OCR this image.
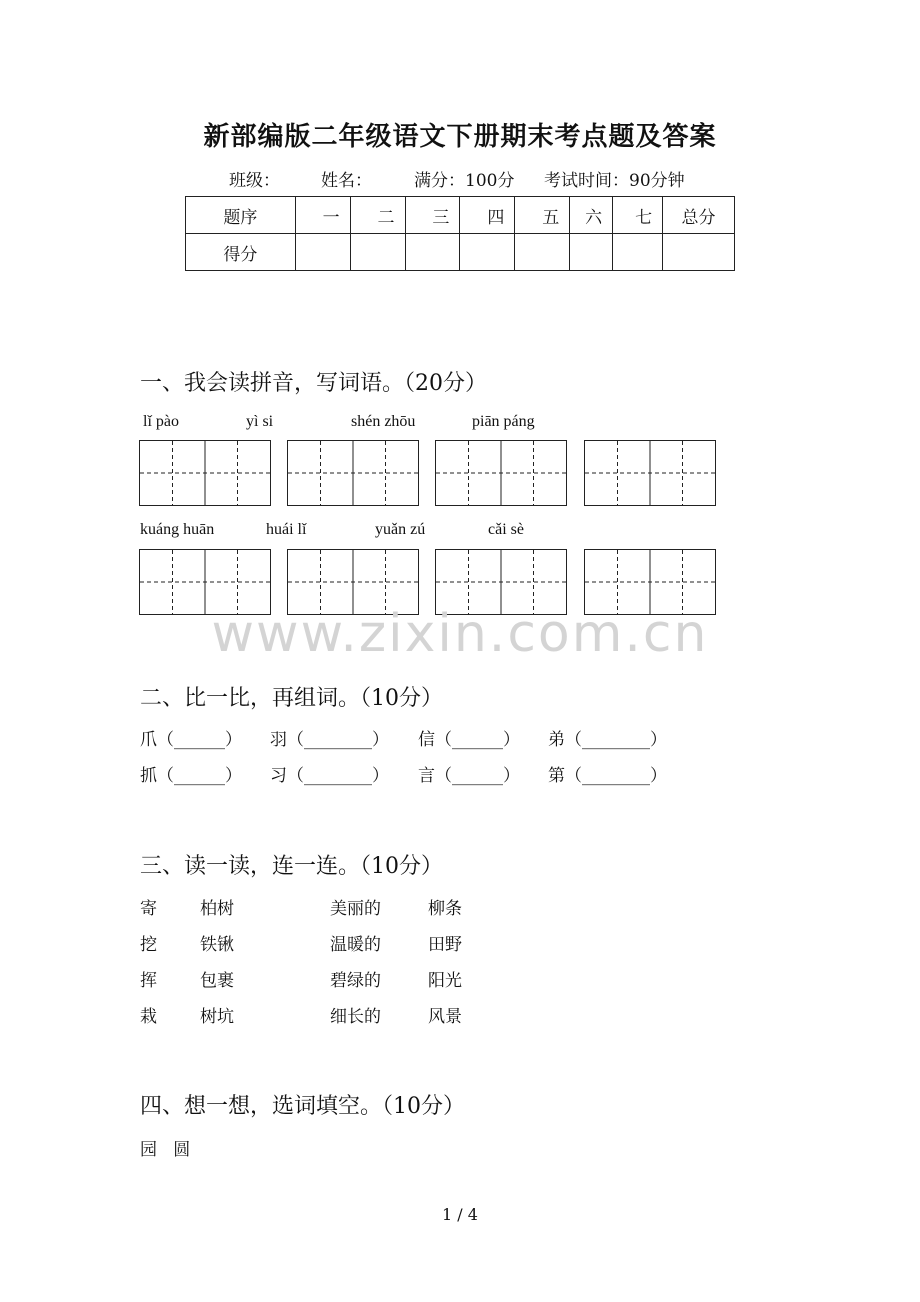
新部编版二年级语文下册期末考点题及答案
班级： 姓名： 满分：100分 考试时间：90分钟
题序	一	二	三	四	五	六	七	总分
得分								
一、我会读拼音，写词语。（20分）
lǐ pào	yì si	shén zhōu	piān páng
kuáng huān	huái lǐ	yuǎn zú	cǎi sè
www.zixin.com.cn
二、比一比，再组词。（10分）
爪（______） 羽（________） 信（______） 弟（________）
抓（______） 习（________） 言（______） 第（________）
三、读一读，连一连。（10分）
寄	柏树	美丽的	柳条
挖	铁锹	温暖的	田野
挥	包裹	碧绿的	阳光
栽	树坑	细长的	风景
四、想一想，选词填空。（10分）
园   圆
1 / 4
